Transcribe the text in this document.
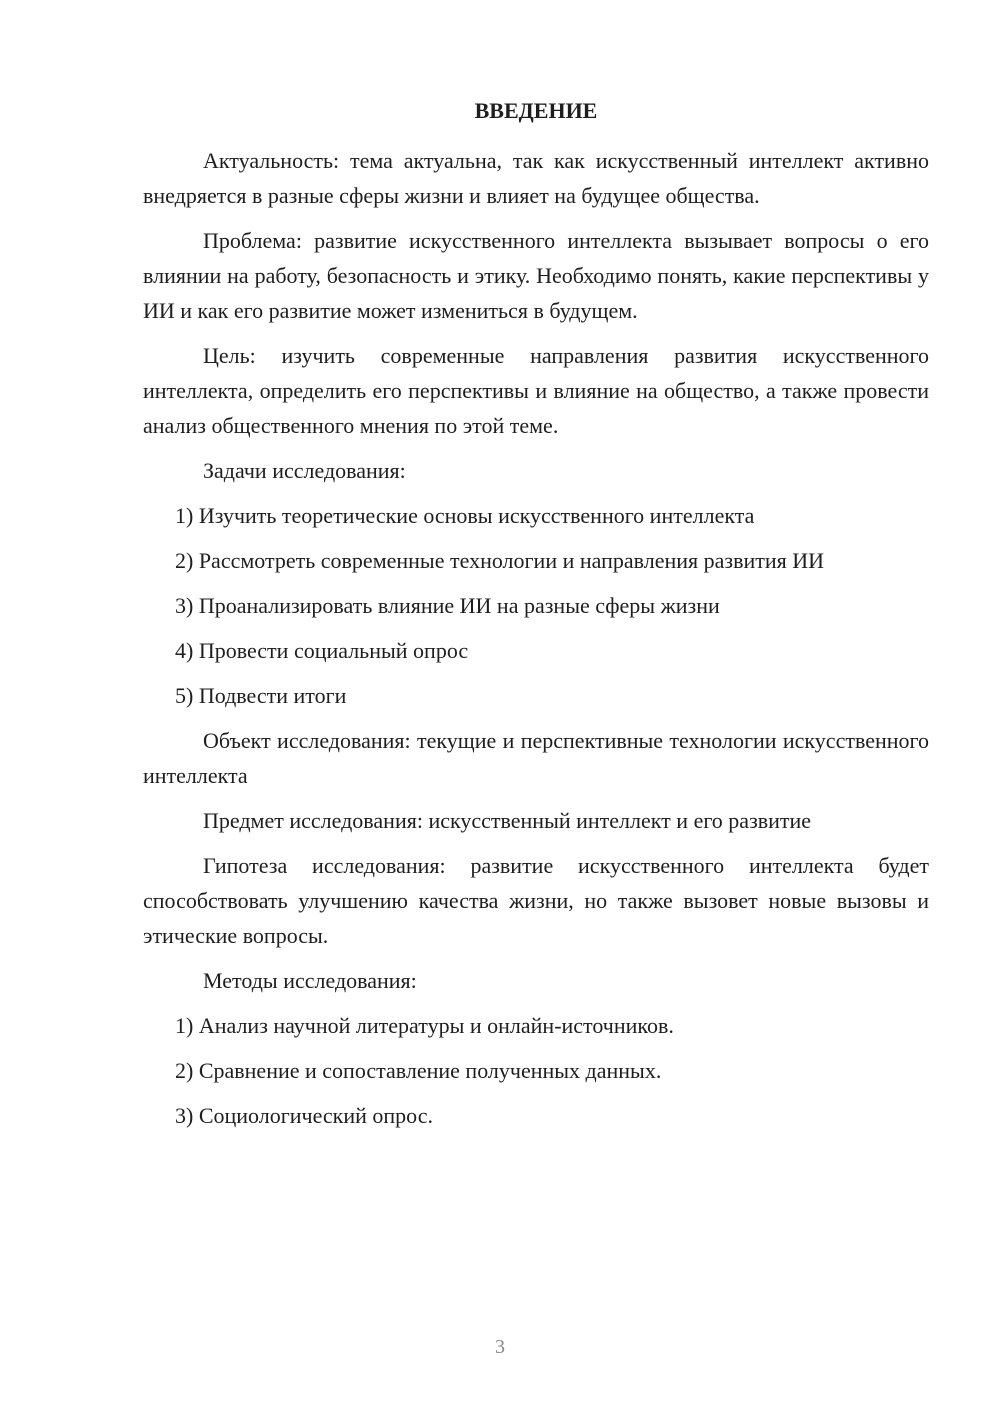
ВВЕДЕНИЕ

Актуальность: тема актуальна, так как искусственный интеллект активно внедряется в разные сферы жизни и влияет на будущее общества.

Проблема: развитие искусственного интеллекта вызывает вопросы о его влиянии на работу, безопасность и этику. Необходимо понять, какие перспективы у ИИ и как его развитие может измениться в будущем.

Цель: изучить современные направления развития искусственного интеллекта, определить его перспективы и влияние на общество, а также провести анализ общественного мнения по этой теме.

Задачи исследования:

1) Изучить теоретические основы искусственного интеллекта

2) Рассмотреть современные технологии и направления развития ИИ

3) Проанализировать влияние ИИ на разные сферы жизни

4) Провести социальный опрос

5) Подвести итоги

Объект исследования: текущие и перспективные технологии искусственного интеллекта

Предмет исследования: искусственный интеллект и его развитие

Гипотеза исследования: развитие искусственного интеллекта будет способствовать улучшению качества жизни, но также вызовет новые вызовы и этические вопросы.

Методы исследования:

1) Анализ научной литературы и онлайн-источников.

2) Сравнение и сопоставление полученных данных.

3) Социологический опрос.

3
